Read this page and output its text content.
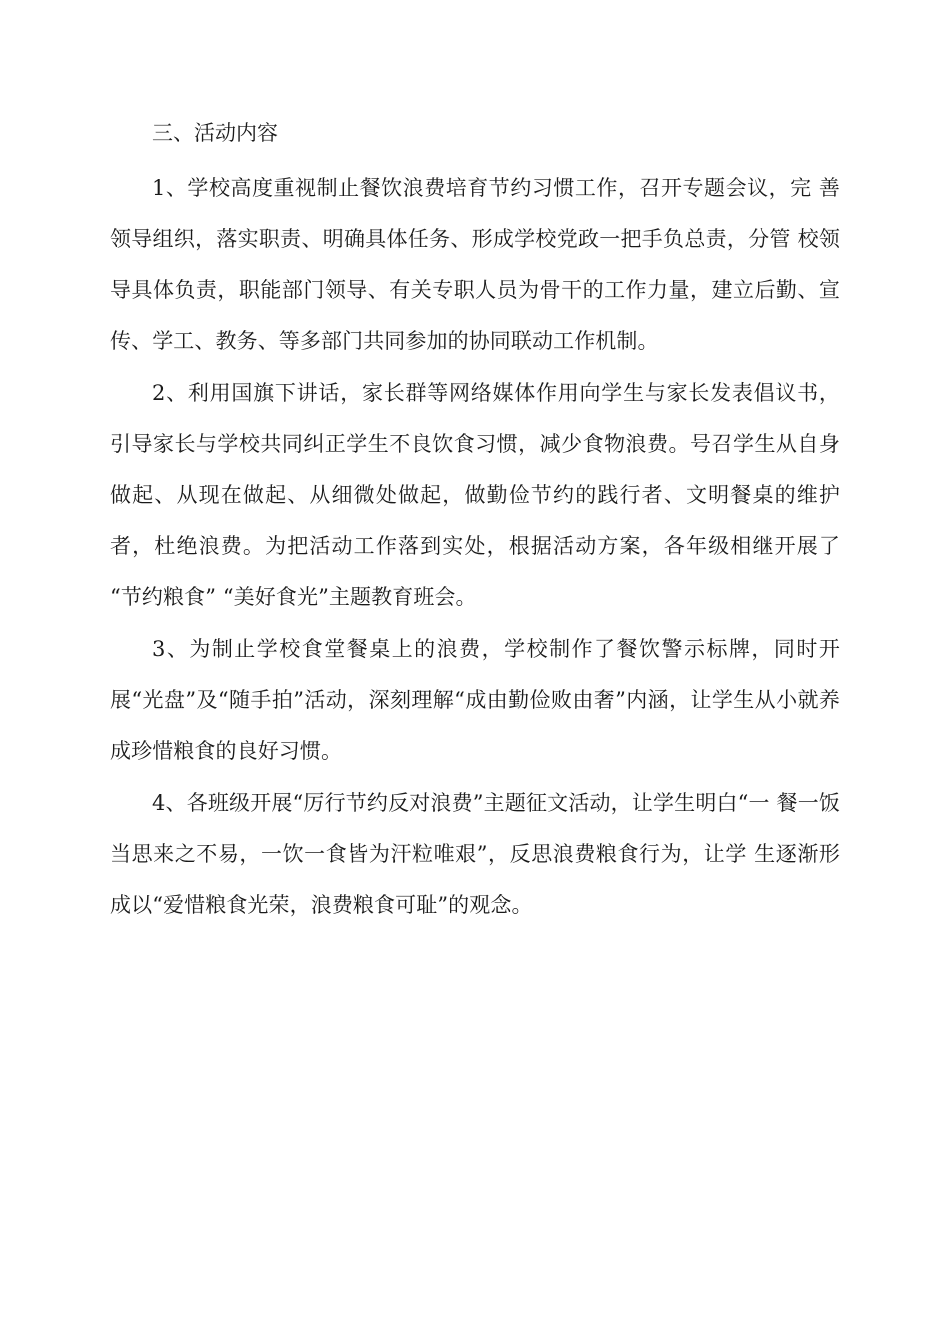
三、活动内容

1、学校高度重视制止餐饮浪费培育节约习惯工作，召开专题会议，完 善领导组织，落实职责、明确具体任务、形成学校党政一把手负总责，分管 校领导具体负责，职能部门领导、有关专职人员为骨干的工作力量，建立后勤、宣传、学工、教务、等多部门共同参加的协同联动工作机制。

2、利用国旗下讲话，家长群等网络媒体作用向学生与家长发表倡议书，引导家长与学校共同纠正学生不良饮食习惯，减少食物浪费。号召学生从自身做起、从现在做起、从细微处做起，做勤俭节约的践行者、文明餐桌的维护者，杜绝浪费。为把活动工作落到实处，根据活动方案，各年级相继开展了 “节约粮食” “美好食光”主题教育班会。

3、为制止学校食堂餐桌上的浪费，学校制作了餐饮警示标牌，同时开展“光盘”及“随手拍”活动，深刻理解“成由勤俭败由奢”内涵，让学生从小就养成珍惜粮食的良好习惯。

4、各班级开展“厉行节约反对浪费”主题征文活动，让学生明白“一 餐一饭当思来之不易，一饮一食皆为汗粒唯艰”，反思浪费粮食行为，让学 生逐渐形成以“爱惜粮食光荣，浪费粮食可耻”的观念。
